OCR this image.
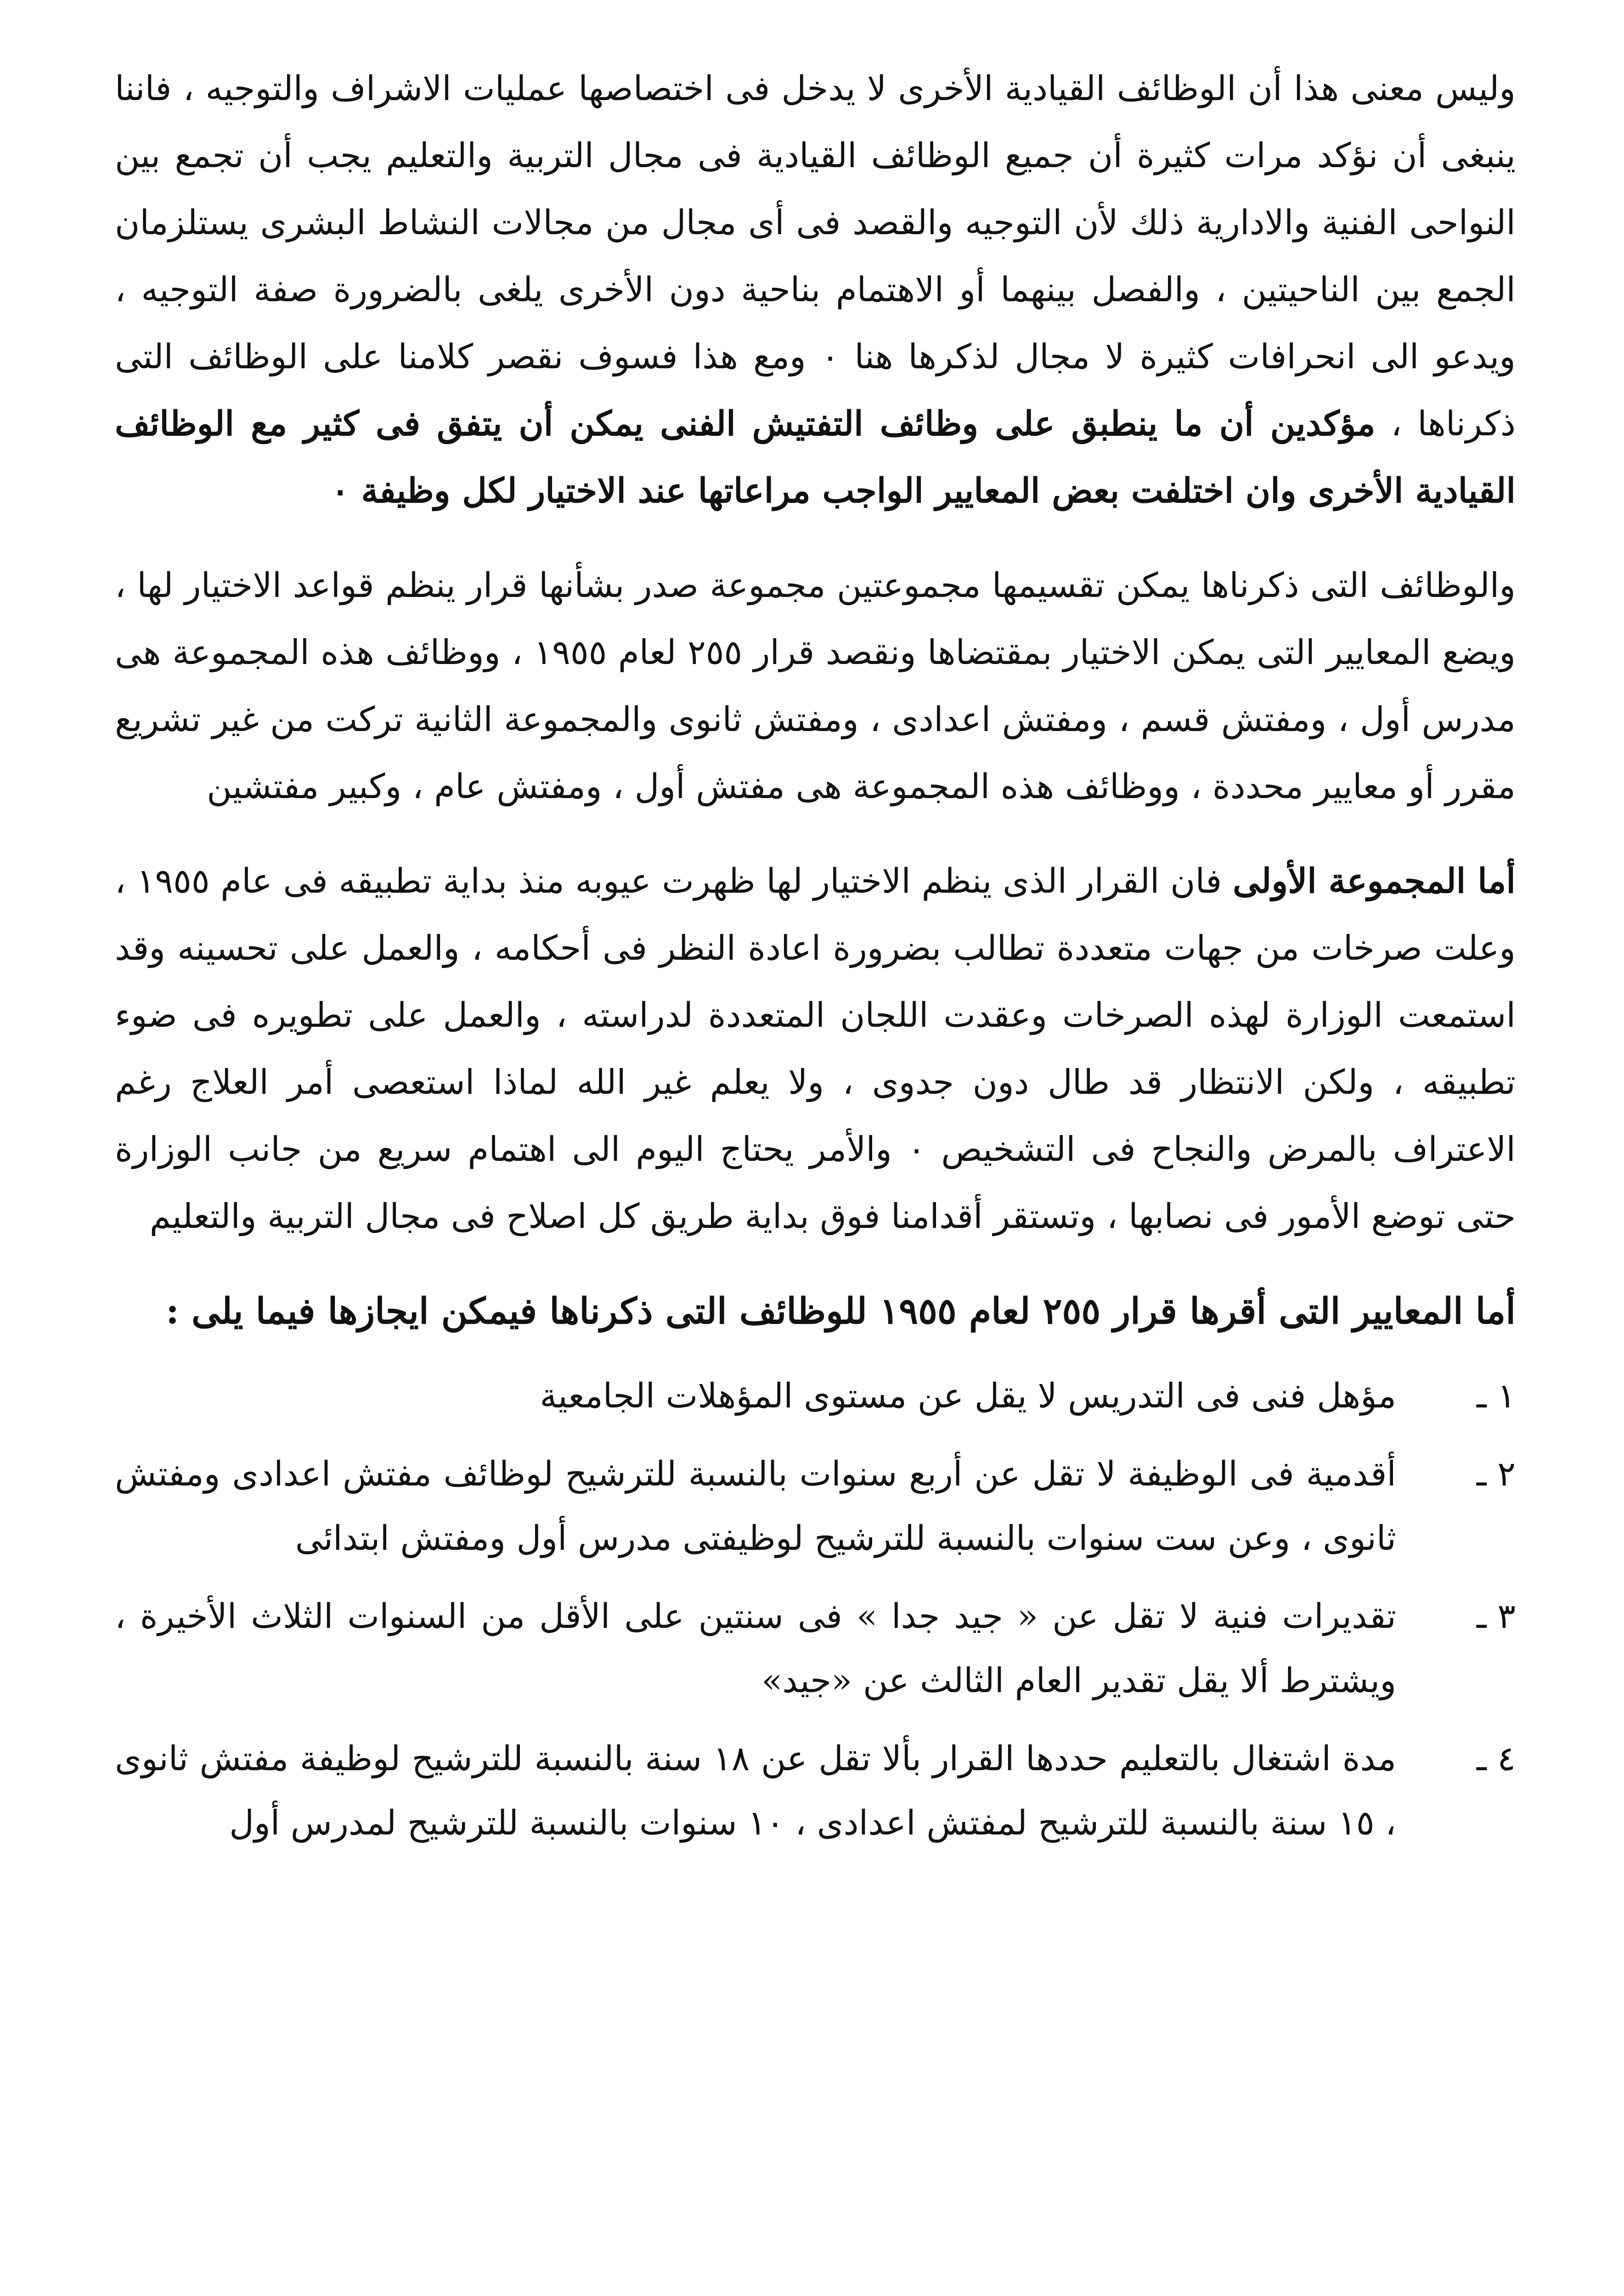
وليس معنى هذا أن الوظائف القيادية الأخرى لا يدخل فى اختصاصها عمليات الاشراف والتوجيه ، فاننا ينبغى أن نؤكد مرات كثيرة أن جميع الوظائف القيادية فى مجال التربية والتعليم يجب أن تجمع بين النواحى الفنية والادارية ذلك لأن التوجيه والقصد فى أى مجال من مجالات النشاط البشرى يستلزمان الجمع بين الناحيتين ، والفصل بينهما أو الاهتمام بناحية دون الأخرى يلغى بالضرورة صفة التوجيه ، ويدعو الى انحرافات كثيرة لا مجال لذكرها هنا ٠ ومع هذا فسوف نقصر كلامنا على الوظائف التى ذكرناها ، مؤكدين أن ما ينطبق على وظائف التفتيش الفنى يمكن أن يتفق فى كثير مع الوظائف القيادية الأخرى وان اختلفت بعض المعايير الواجب مراعاتها عند الاختيار لكل وظيفة ٠

والوظائف التى ذكرناها يمكن تقسيمها مجموعتين مجموعة صدر بشأنها قرار ينظم قواعد الاختيار لها ، ويضع المعايير التى يمكن الاختيار بمقتضاها ونقصد قرار ٢٥٥ لعام ١٩٥٥ ، ووظائف هذه المجموعة هى مدرس أول ، ومفتش قسم ، ومفتش اعدادى ، ومفتش ثانوى والمجموعة الثانية تركت من غير تشريع مقرر أو معايير محددة ، ووظائف هذه المجموعة هى مفتش أول ، ومفتش عام ، وكبير مفتشين

أما المجموعة الأولى فان القرار الذى ينظم الاختيار لها ظهرت عيوبه منذ بداية تطبيقه فى عام ١٩٥٥ ، وعلت صرخات من جهات متعددة تطالب بضرورة اعادة النظر فى أحكامه ، والعمل على تحسينه وقد استمعت الوزارة لهذه الصرخات وعقدت اللجان المتعددة لدراسته ، والعمل على تطويره فى ضوء تطبيقه ، ولكن الانتظار قد طال دون جدوى ، ولا يعلم غير الله لماذا استعصى أمر العلاج رغم الاعتراف بالمرض والنجاح فى التشخيص ٠ والأمر يحتاج اليوم الى اهتمام سريع من جانب الوزارة حتى توضع الأمور فى نصابها ، وتستقر أقدامنا فوق بداية طريق كل اصلاح فى مجال التربية والتعليم

أما المعايير التى أقرها قرار ٢٥٥ لعام ١٩٥٥ للوظائف التى ذكرناها فيمكن ايجازها فيما يلى :

١ ـ
مؤهل فنى فى التدريس لا يقل عن مستوى المؤهلات الجامعية
٢ ـ
أقدمية فى الوظيفة لا تقل عن أربع سنوات بالنسبة للترشيح لوظائف مفتش اعدادى ومفتش ثانوى ، وعن ست سنوات بالنسبة للترشيح لوظيفتى مدرس أول ومفتش ابتدائى
٣ ـ
تقديرات فنية لا تقل عن « جيد جدا » فى سنتين على الأقل من السنوات الثلاث الأخيرة ، ويشترط ألا يقل تقدير العام الثالث عن «جيد»
٤ ـ
مدة اشتغال بالتعليم حددها القرار بألا تقل عن ١٨ سنة بالنسبة للترشيح لوظيفة مفتش ثانوى ، ١٥ سنة بالنسبة للترشيح لمفتش اعدادى ، ١٠ سنوات بالنسبة للترشيح لمدرس أول
